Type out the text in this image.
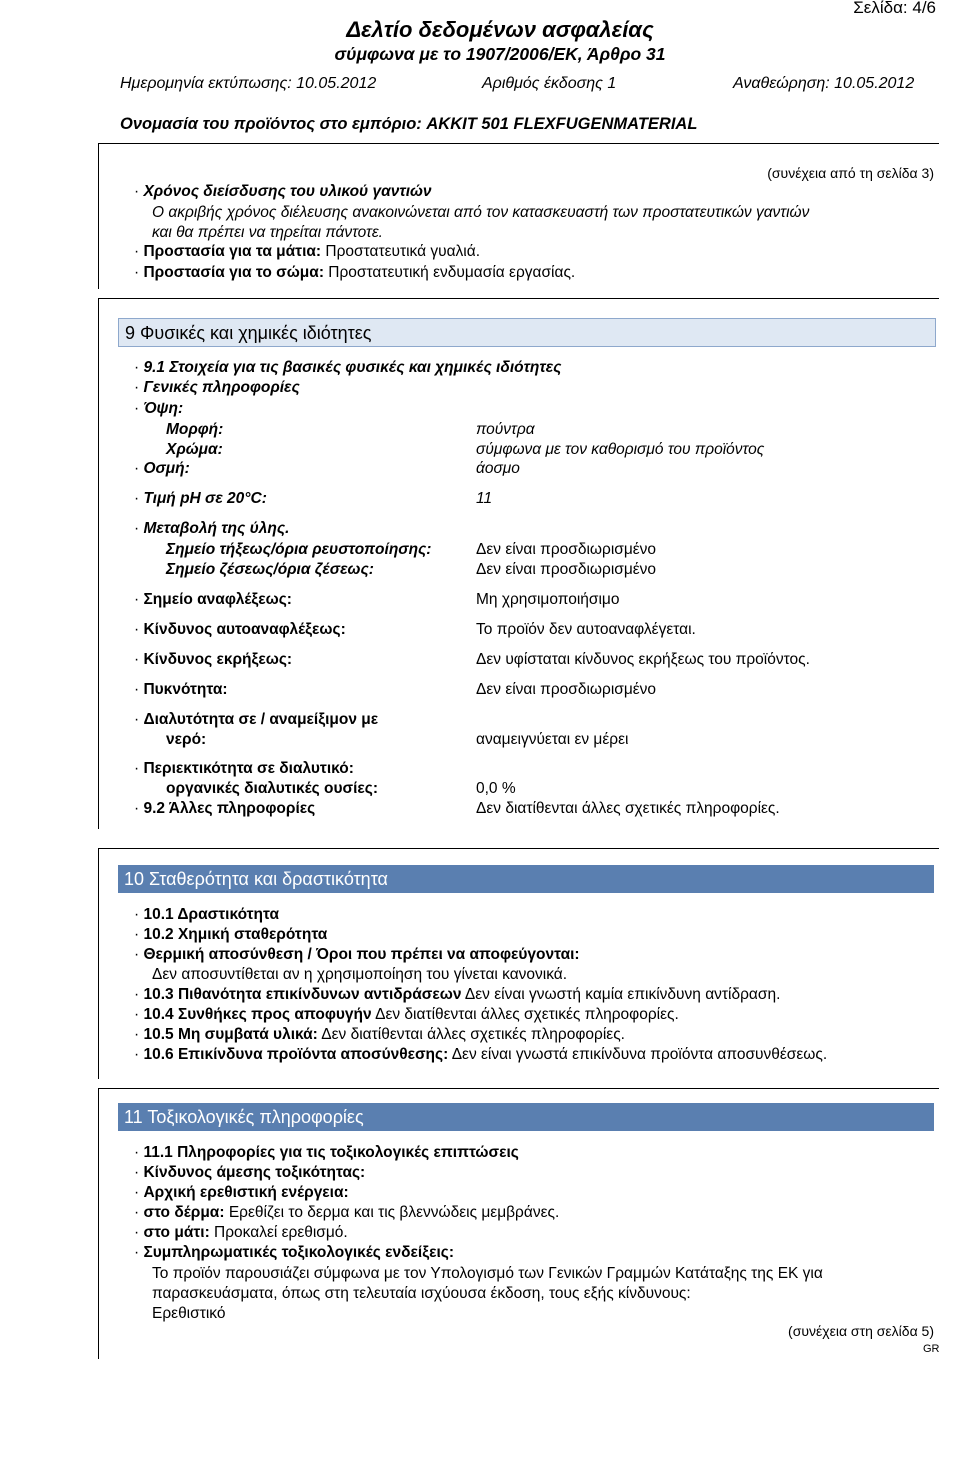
Σελίδα: 4/6
Δελτίο δεδομένων ασφαλείας
σύμφωνα με το 1907/2006/ΕΚ, Άρθρο 31
Ημερομηνία εκτύπωσης: 10.05.2012	Αριθμός έκδοσης 1	Αναθεώρηση: 10.05.2012
Ονομασία του προϊόντος στο εμπόριο: AKKIT 501 FLEXFUGENMATERIAL
(συνέχεια από τη σελίδα 3)
· Χρόνος διείσδυσης του υλικού γαντιών
Ο ακριβής χρόνος διέλευσης ανακοινώνεται από τον κατασκευαστή των προστατευτικών γαντιών
και θα πρέπει να τηρείται πάντοτε.
· Προστασία για τα μάτια: Προστατευτικά γυαλιά.
· Προστασία για το σώμα: Προστατευτική ενδυμασία εργασίας.
9 Φυσικές και χημικές ιδιότητες
· 9.1 Στοιχεία για τις βασικές φυσικές και χημικές ιδιότητες
· Γενικές πληροφορίες
· Όψη:
Μορφή:	πούντρα
Χρώμα:	σύμφωνα με τον καθορισμό του προϊόντος
· Οσμή:	άοσμο
· Τιμή pH σε 20°C:	11
· Μεταβολή της ύλης.
Σημείο τήξεως/όρια ρευστοποίησης:	Δεν είναι προσδιωρισμένο
Σημείο ζέσεως/όρια ζέσεως:	Δεν είναι προσδιωρισμένο
· Σημείο αναφλέξεως:	Μη χρησιμοποιήσιμο
· Κίνδυνος αυτοαναφλέξεως:	Το προϊόν δεν αυτοαναφλέγεται.
· Κίνδυνος εκρήξεως:	Δεν υφίσταται κίνδυνος εκρήξεως του προϊόντος.
· Πυκνότητα:	Δεν είναι προσδιωρισμένο
· Διαλυτότητα σε / αναμείξιμον με
νερό:	αναμειγνύεται εν μέρει
· Περιεκτικότητα σε διαλυτικό:
οργανικές διαλυτικές ουσίες:	0,0 %
· 9.2 Άλλες πληροφορίες	Δεν διατίθενται άλλες σχετικές πληροφορίες.
10 Σταθερότητα και δραστικότητα
· 10.1 Δραστικότητα
· 10.2 Χημική σταθερότητα
· Θερμική αποσύνθεση / Όροι που πρέπει να αποφεύγονται:
Δεν αποσυντίθεται αν η χρησιμοποίηση του γίνεται κανονικά.
· 10.3 Πιθανότητα επικίνδυνων αντιδράσεων Δεν είναι γνωστή καμία επικίνδυνη αντίδραση.
· 10.4 Συνθήκες προς αποφυγήν Δεν διατίθενται άλλες σχετικές πληροφορίες.
· 10.5 Μη συμβατά υλικά: Δεν διατίθενται άλλες σχετικές πληροφορίες.
· 10.6 Επικίνδυνα προϊόντα αποσύνθεσης: Δεν είναι γνωστά επικίνδυνα προϊόντα αποσυνθέσεως.
11 Τοξικολογικές πληροφορίες
· 11.1 Πληροφορίες για τις τοξικολογικές επιπτώσεις
· Κίνδυνος άμεσης τοξικότητας:
· Αρχική ερεθιστική ενέργεια:
· στο δέρμα: Ερεθίζει το δερμα και τις βλεννώδεις μεμβράνες.
· στο μάτι: Προκαλεί ερεθισμό.
· Συμπληρωματικές τοξικολογικές ενδείξεις:
Το προϊόν παρουσιάζει σύμφωνα με τον Υπολογισμό των Γενικών Γραμμών Κατάταξης της ΕΚ για
παρασκευάσματα, όπως στη τελευταία ισχύουσα έκδοση, τους εξής κίνδυνους:
Ερεθιστικό
(συνέχεια στη σελίδα 5)
GR
